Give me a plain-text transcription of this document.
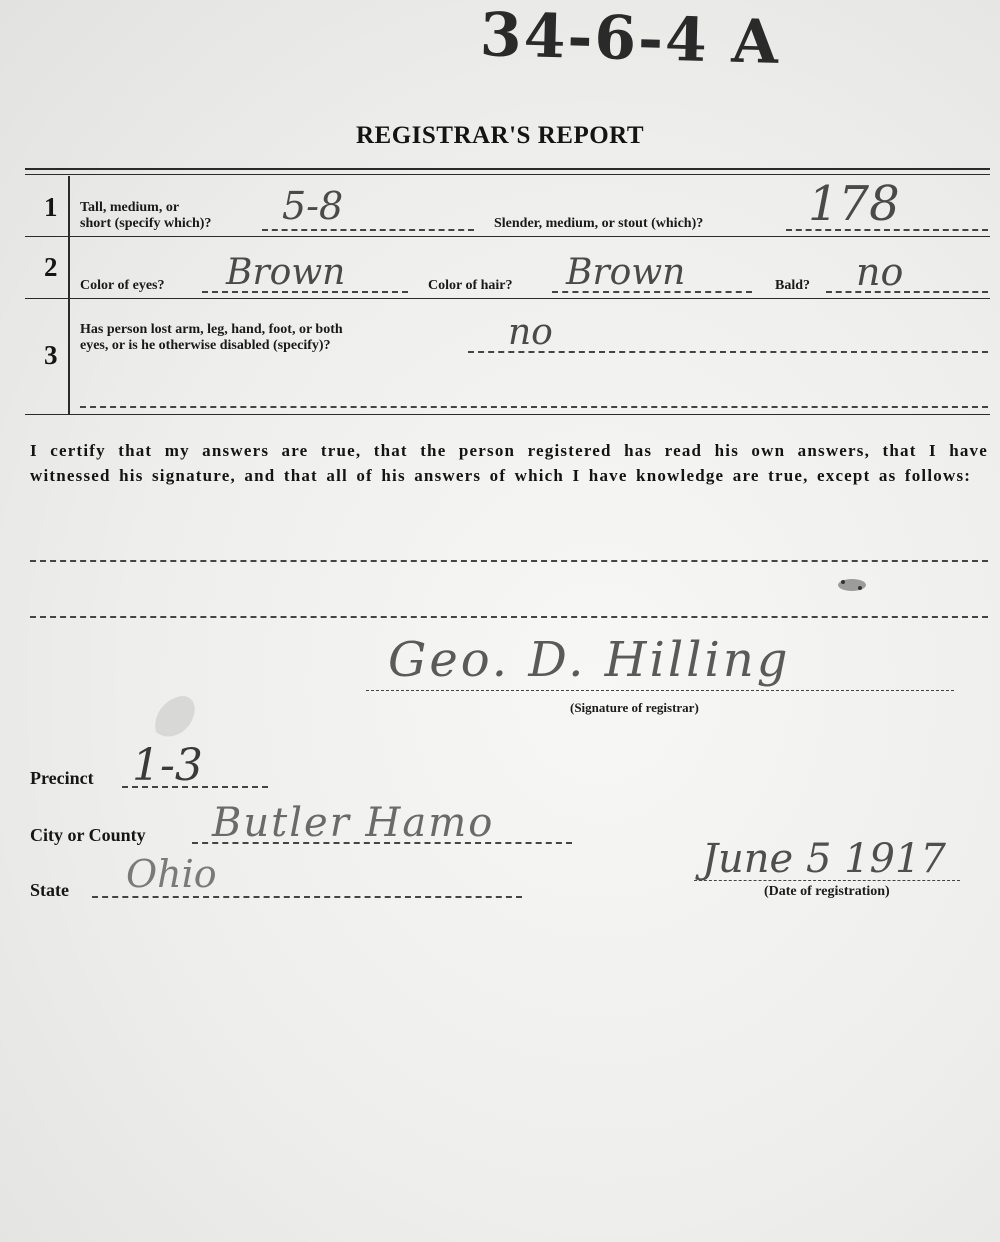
34-6-4 A
REGISTRAR'S REPORT
1 Tall, medium, or
short (specify which)? 5-8	Slender, medium, or stout (which)? 178
2
Color of eyes? Brown	Color of hair? Brown	Bald? no
3
Has person lost arm, leg, hand, foot, or both
eyes, or is he otherwise disabled (specify)?	no
I certify that my answers are true, that the person registered has read his own answers, that I have witnessed his signature, and that all of his answers of which I have knowledge are true, except as follows:
Geo. D. Hilling
(Signature of registrar)
Precinct 1-3
City or County Butler Hamo
State Ohio	June 5 1917
(Date of registration)
